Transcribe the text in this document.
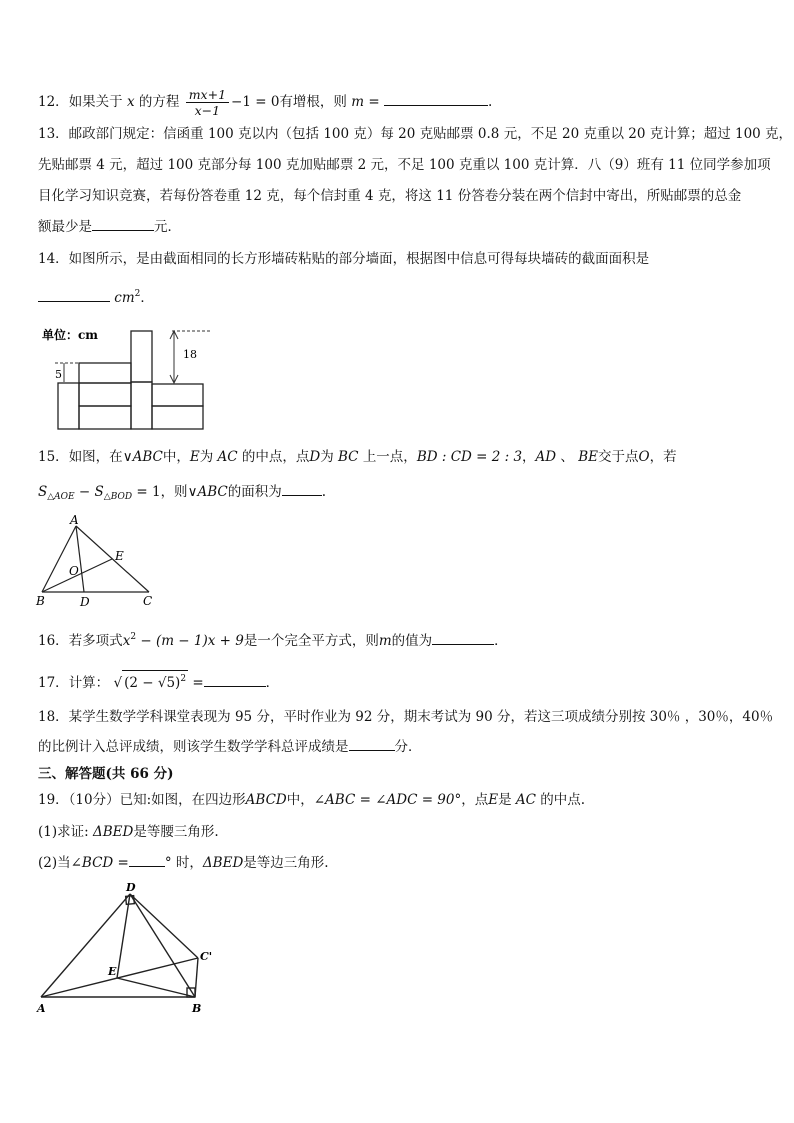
12．如果关于 x 的方程 $\frac{mx+1}{x-1} -1 = 0$有增根，则 m =	.
13．邮政部门规定：信函重 100 克以内（包括 100 克）每 20 克贴邮票 0.8 元，不足 20 克重以 20 克计算；超过 100 克，
先贴邮票 4 元，超过 100 克部分每 100 克加贴邮票 2 元，不足 100 克重以 100 克计算．八（9）班有 11 位同学参加项
目化学习知识竞赛，若每份答卷重 12 克，每个信封重 4 克，将这 11 份答卷分装在两个信封中寄出，所贴邮票的总金
额最少是	元．
14．如图所示，是由截面相同的长方形墙砖粘贴的部分墙面，根据图中信息可得每块墙砖的截面面积是
$cm^2$．
单位：cm
5
18
15．如图，在∨ABC中，E为 AC 的中点，点D为 BC 上一点，BD : CD = 2 : 3，AD 、 BE交于点O，若
$S_{\triangle AOE} - S_{\triangle BOD} = 1$，则∨ABC的面积为	.
A
B	D	C
E
O
16．若多项式$x^2 - (m - 1)x + 9$是一个完全平方式，则m的值为	．
17．计算： √ $(2 - √5)^2$ =	．
18．某学生数学学科课堂表现为 95 分，平时作业为 92 分，期末考试为 90 分，若这三项成绩分别按 30％ ，30％，40％
的比例计入总评成绩，则该学生数学学科总评成绩是	分．
三、解答题(共 66 分)
19．（10分）已知:如图，在四边形ABCD中，∠ABC = ∠ADC = 90°，点E是 AC 的中点.
(1)求证: ΔBED是等腰三角形.
(2)当∠BCD =	° 时，ΔBED是等边三角形.
D
C'
E
A	B
